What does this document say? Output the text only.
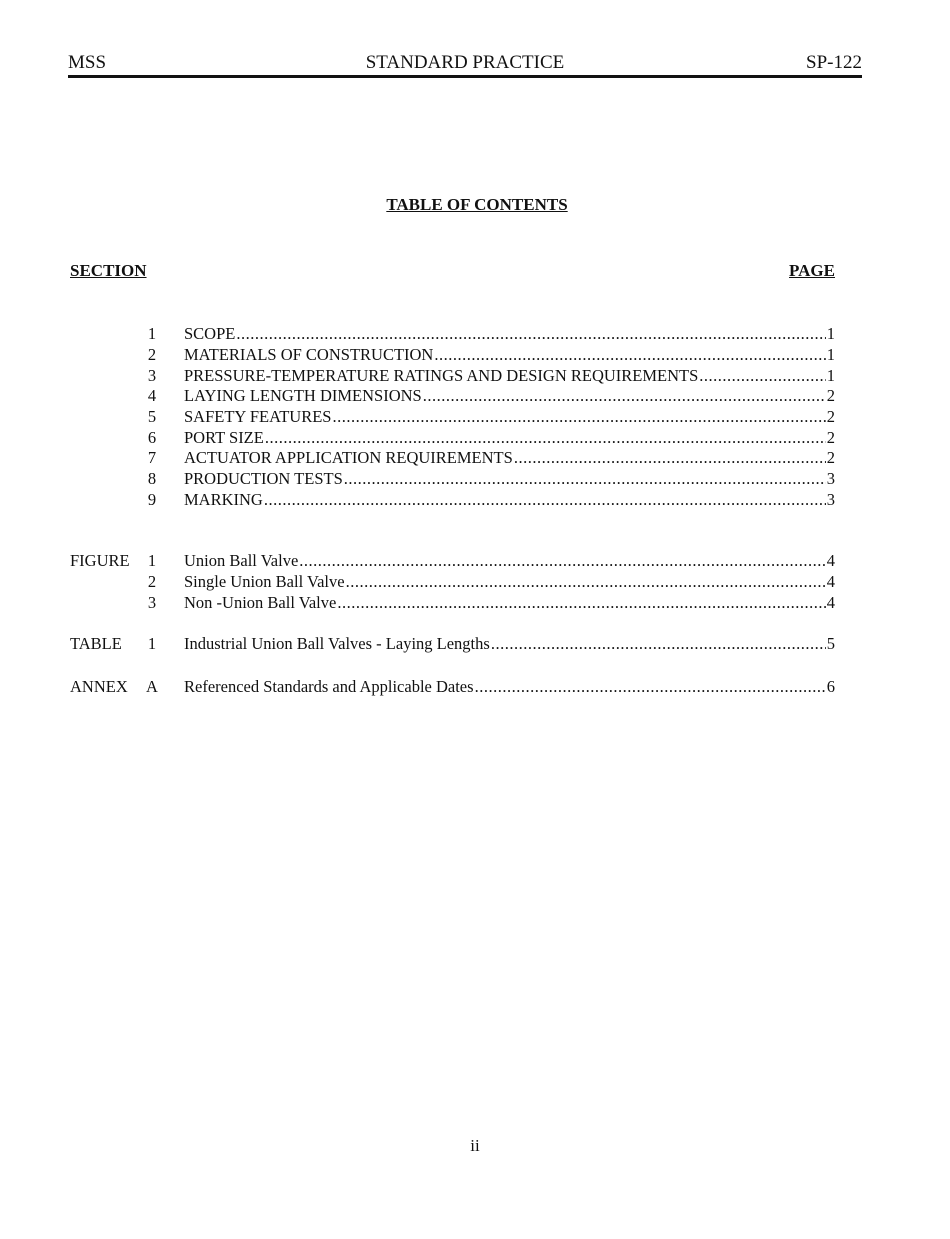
MSS	STANDARD PRACTICE	SP-122
TABLE OF CONTENTS
SECTION	PAGE
1 SCOPE .....	1
2 MATERIALS OF CONSTRUCTION .....	1
3 PRESSURE-TEMPERATURE RATINGS AND DESIGN REQUIREMENTS .....	1
4 LAYING LENGTH DIMENSIONS .....	2
5 SAFETY FEATURES .....	2
6 PORT SIZE .....	2
7 ACTUATOR APPLICATION REQUIREMENTS .....	2
8 PRODUCTION TESTS .....	3
9 MARKING .....	3
FIGURE 1 Union Ball Valve .....	4
2 Single Union Ball Valve .....	4
3 Non -Union Ball Valve .....	4
TABLE 1 Industrial Union Ball Valves - Laying Lengths .....	5
ANNEX A Referenced Standards and Applicable Dates .....	6
ii
